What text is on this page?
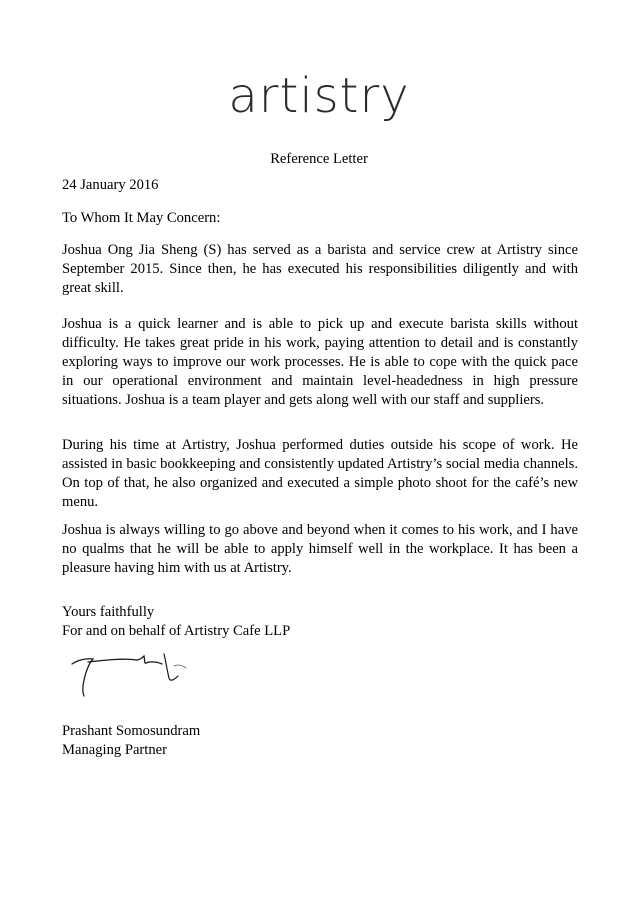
artistry
Reference Letter
24 January 2016
To Whom It May Concern:
Joshua Ong Jia Sheng (S) has served as a barista and service crew at Artistry since September 2015. Since then, he has executed his responsibilities diligently and with great skill.
Joshua is a quick learner and is able to pick up and execute barista skills without difficulty. He takes great pride in his work, paying attention to detail and is constantly exploring ways to improve our work processes. He is able to cope with the quick pace in our operational environment and maintain level-headedness in high pressure situations. Joshua is a team player and gets along well with our staff and suppliers.
During his time at Artistry, Joshua performed duties outside his scope of work. He assisted in basic bookkeeping and consistently updated Artistry’s social media channels. On top of that, he also organized and executed a simple photo shoot for the café’s new menu.
Joshua is always willing to go above and beyond when it comes to his work, and I have no qualms that he will be able to apply himself well in the workplace. It has been a pleasure having him with us at Artistry.
Yours faithfully
For and on behalf of Artistry Cafe LLP
Prashant Somosundram
Managing Partner
